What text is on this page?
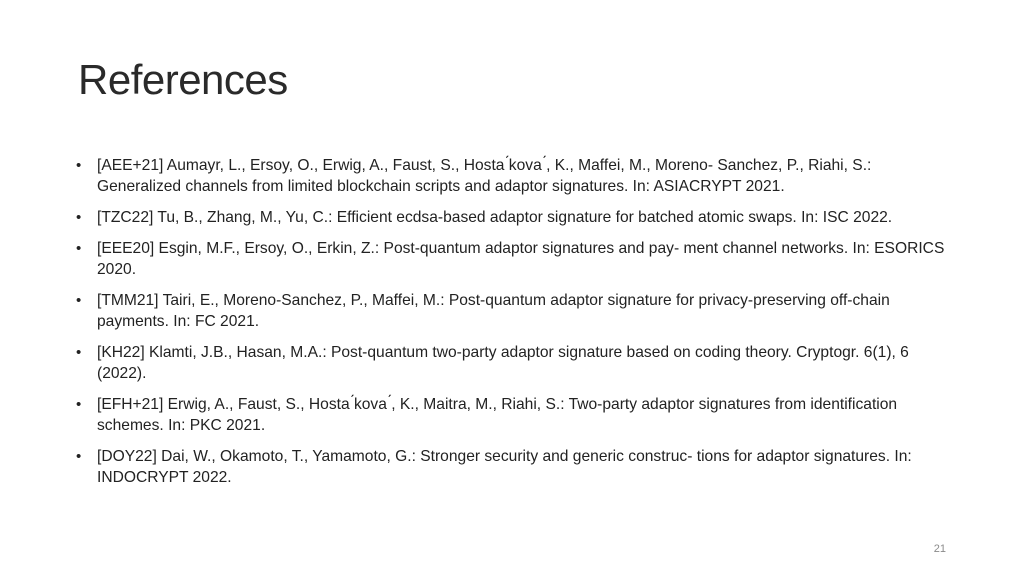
References
•	[AEE+21] Aumayr, L., Ersoy, O., Erwig, A., Faust, S., Hosta ́kova ́, K., Maffei, M., Moreno- Sanchez, P., Riahi, S.: Generalized channels from limited blockchain scripts and adaptor signatures. In: ASIACRYPT 2021.
•	[TZC22] Tu, B., Zhang, M., Yu, C.: Efficient ecdsa-based adaptor signature for batched atomic swaps. In: ISC 2022.
•	[EEE20] Esgin, M.F., Ersoy, O., Erkin, Z.: Post-quantum adaptor signatures and pay- ment channel networks. In: ESORICS 2020.
•	[TMM21] Tairi, E., Moreno-Sanchez, P., Maffei, M.: Post-quantum adaptor signature for privacy-preserving off-chain payments. In: FC 2021.
•	[KH22] Klamti, J.B., Hasan, M.A.: Post-quantum two-party adaptor signature based on coding theory. Cryptogr. 6(1), 6 (2022).
•	[EFH+21] Erwig, A., Faust, S., Hosta ́kova ́, K., Maitra, M., Riahi, S.: Two-party adaptor signatures from identification schemes. In: PKC 2021.
•	[DOY22] Dai, W., Okamoto, T., Yamamoto, G.: Stronger security and generic construc- tions for adaptor signatures. In: INDOCRYPT 2022.
21
